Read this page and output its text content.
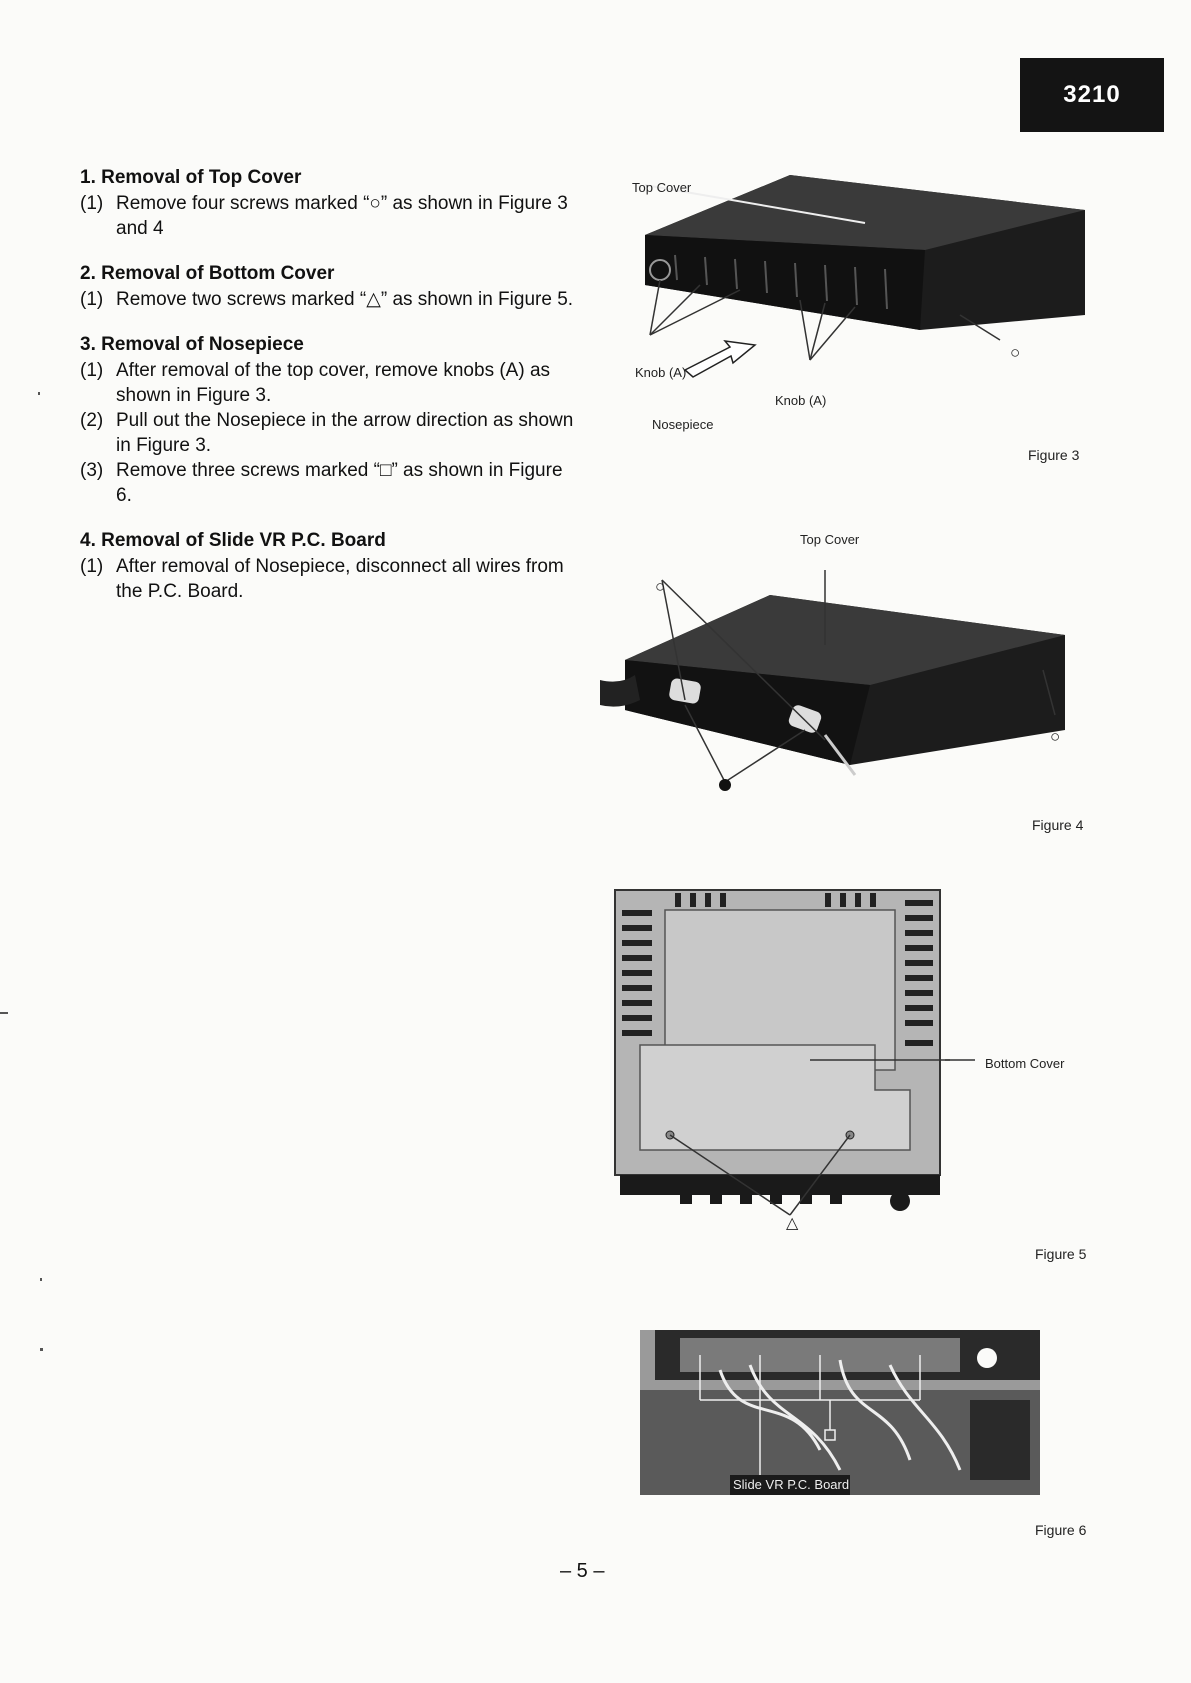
3210
1. Removal of Top Cover
(1) Remove four screws marked “○” as shown in Figure 3 and 4
2. Removal of Bottom Cover
(1) Remove two screws marked “△” as shown in Figure 5.
3. Removal of Nosepiece
(1) After removal of the top cover, remove knobs (A) as shown in Figure 3.
(2) Pull out the Nosepiece in the arrow direction as shown in Figure 3.
(3) Remove three screws marked “□” as shown in Figure 6.
4. Removal of Slide VR P.C. Board
(1) After removal of Nosepiece, disconnect all wires from the P.C. Board.
Top Cover
Knob (A)
Knob (A)
Nosepiece
○
Figure 3
Top Cover
○
○
Figure 4
Bottom Cover
△
Figure 5
Slide VR P.C. Board
Figure 6
– 5 –
